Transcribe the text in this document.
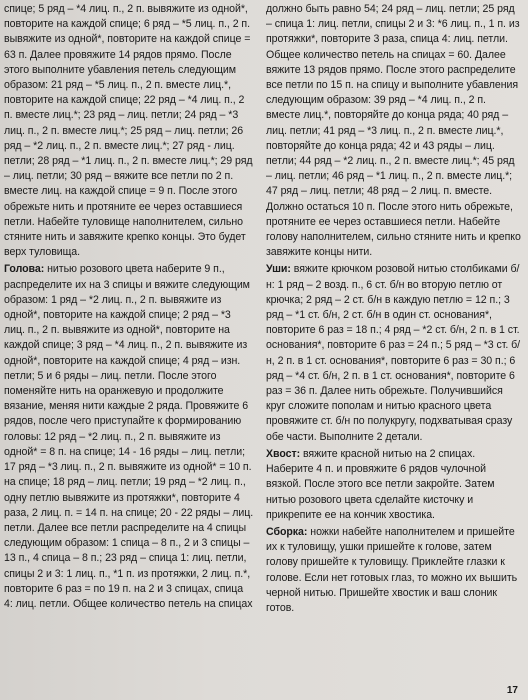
спице; 5 ряд – *4 лиц. п., 2 п. вывяжите из одной*, повторите на каждой спице; 6 ряд – *5 лиц. п., 2 п. вывяжите из одной*, повторите на каждой спице = 63 п. Далее провяжите 14 рядов прямо. После этого выполните убавления петель следующим образом: 21 ряд – *5 лиц. п., 2 п. вместе лиц.*, повторите на каждой спице; 22 ряд – *4 лиц. п., 2 п. вместе лиц.*; 23 ряд – лиц. петли; 24 ряд – *3 лиц. п., 2 п. вместе лиц.*; 25 ряд – лиц. петли; 26 ряд – *2 лиц. п., 2 п. вместе лиц.*; 27 ряд - лиц. петли; 28 ряд – *1 лиц. п., 2 п. вместе лиц.*; 29 ряд – лиц. петли; 30 ряд – вяжите все петли по 2 п. вместе лиц. на каждой спице = 9 п. После этого обрежьте нить и протяните ее через оставшиеся петли. Набейте туловище наполнителем, сильно стяните нить и завяжите крепко концы. Это будет верх туловища.

Голова: нитью розового цвета наберите 9 п., распределите их на 3 спицы и вяжите следующим образом: 1 ряд – *2 лиц. п., 2 п. вывяжите из одной*, повторите на каждой спице; 2 ряд – *3 лиц. п., 2 п. вывяжите из одной*, повторите на каждой спице; 3 ряд – *4 лиц. п., 2 п. вывяжите из одной*, повторите на каждой спице; 4 ряд – изн. петли; 5 и 6 ряды – лиц. петли. После этого поменяйте нить на оранжевую и продолжите вязание, меняя нити каждые 2 ряда. Провяжите 6 рядов, после чего приступайте к формированию головы: 12 ряд – *2 лиц. п., 2 п. вывяжите из одной* = 8 п. на спице; 14 - 16 ряды – лиц. петли; 17 ряд – *3 лиц. п., 2 п. вывяжите из одной* = 10 п. на спице; 18 ряд – лиц. петли; 19 ряд – *2 лиц. п., одну петлю вывяжите из протяжки*, повторите 4 раза, 2 лиц. п. = 14 п. на спице; 20 - 22 ряды – лиц. петли. Далее все петли распределите на 4 спицы следующим образом: 1 спица – 8 п., 2 и 3 спицы – 13 п., 4 спица – 8 п.; 23 ряд – спица 1: лиц. петли, спицы 2 и 3: 1 лиц. п., *1 п. из протяжки, 2 лиц. п.*, повторите 6 раз = по 19 п. на 2 и 3 спицах, спица 4: лиц. петли. Общее количество петель на спицах

должно быть равно 54; 24 ряд – лиц. петли; 25 ряд – спица 1: лиц. петли, спицы 2 и 3: *6 лиц. п., 1 п. из протяжки*, повторите 3 раза, спица 4: лиц. петли. Общее количество петель на спицах = 60. Далее вяжите 13 рядов прямо. После этого распределите все петли по 15 п. на спицу и выполните убавления следующим образом: 39 ряд – *4 лиц. п., 2 п. вместе лиц.*, повторяйте до конца ряда; 40 ряд – лиц. петли; 41 ряд – *3 лиц. п., 2 п. вместе лиц.*, повторяйте до конца ряда; 42 и 43 ряды – лиц. петли; 44 ряд – *2 лиц. п., 2 п. вместе лиц.*; 45 ряд – лиц. петли; 46 ряд – *1 лиц. п., 2 п. вместе лиц.*; 47 ряд – лиц. петли; 48 ряд – 2 лиц. п. вместе. Должно остаться 10 п. После этого нить обрежьте, протяните ее через оставшиеся петли. Набейте голову наполнителем, сильно стяните нить и крепко завяжите концы нити.

Уши: вяжите крючком розовой нитью столбиками б/н: 1 ряд – 2 возд. п., 6 ст. б/н во вторую петлю от крючка; 2 ряд – 2 ст. б/н в каждую петлю = 12 п.; 3 ряд – *1 ст. б/н, 2 ст. б/н в один ст. основания*, повторите 6 раз = 18 п.; 4 ряд – *2 ст. б/н, 2 п. в 1 ст. основания*, повторите 6 раз = 24 п.; 5 ряд – *3 ст. б/н, 2 п. в 1 ст. основания*, повторите 6 раз = 30 п.; 6 ряд – *4 ст. б/н, 2 п. в 1 ст. основания*, повторите 6 раз = 36 п. Далее нить обрежьте. Получившийся круг сложите пополам и нитью красного цвета провяжите ст. б/н по полукругу, подхватывая сразу обе части. Выполните 2 детали.

Хвост: вяжите красной нитью на 2 спицах. Наберите 4 п. и провяжите 6 рядов чулочной вязкой. После этого все петли закройте. Затем нитью розового цвета сделайте кисточку и прикрепите ее на кончик хвостика.

Сборка: ножки набейте наполнителем и пришейте их к туловищу, ушки пришейте к голове, затем голову пришейте к туловищу. Приклейте глазки к голове. Если нет готовых глаз, то можно их вышить черной нитью. Пришейте хвостик и ваш слоник готов.

17
